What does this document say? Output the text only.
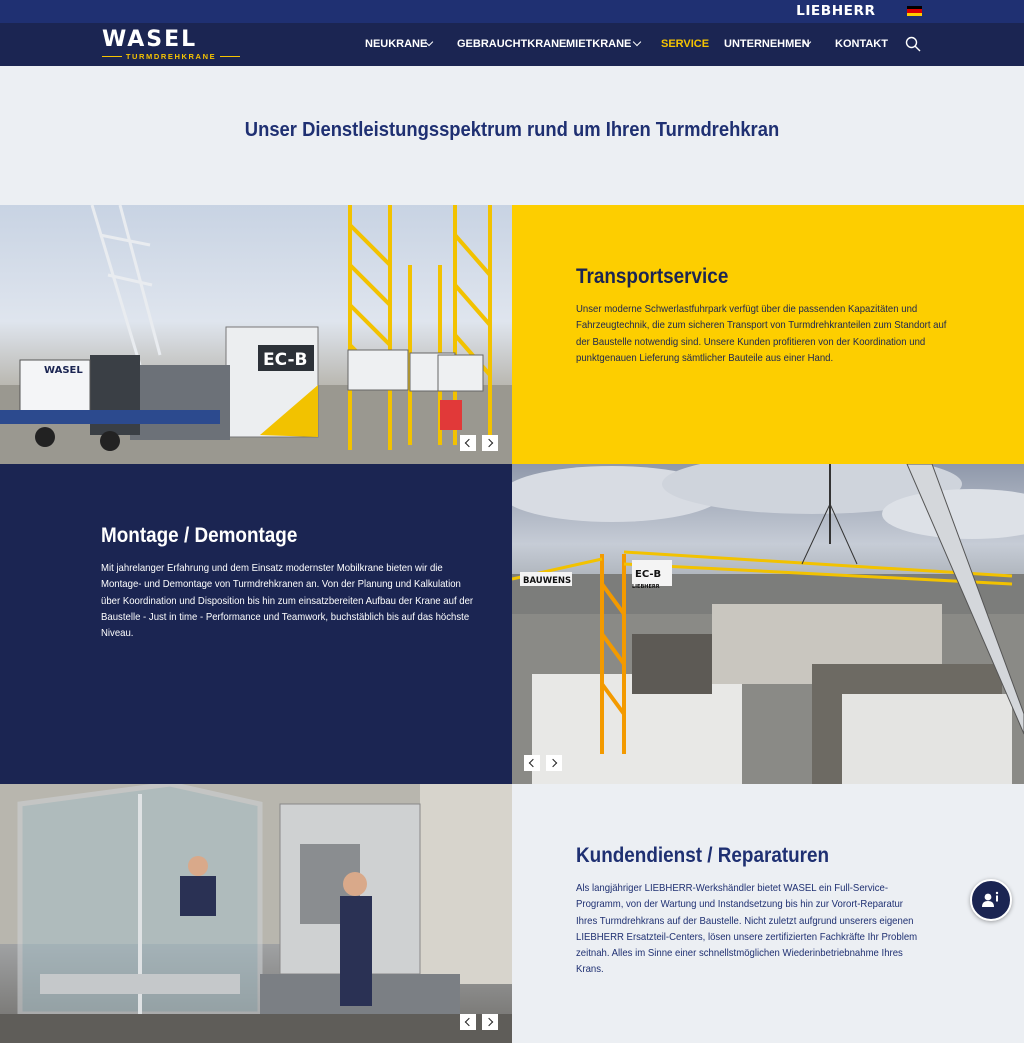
LIEBHERR
WASEL
TURMDREHKRANE
NEUKRANE	GEBRAUCHTKRANE MIETKRANE	SERVICE UNTERNEHMEN KONTAKT
Unser Dienstleistungsspektrum rund um Ihren Turmdrehkran
EC-B
WASEL
Transportservice

Unser moderne Schwerlastfuhrpark verfügt über die passenden Kapazitäten und Fahrzeugtechnik, die zum sicheren Transport von Turmdrehkranteilen zum Standort auf der Baustelle notwendig sind. Unsere Kunden profitieren von der Koordination und punktgenauen Lieferung sämtlicher Bauteile aus einer Hand.

Montage / Demontage

Mit jahrelanger Erfahrung und dem Einsatz modernster Mobilkrane bieten wir die Montage- und Demontage von Turmdrehkranen an. Von der Planung und Kalkulation über Koordination und Disposition bis hin zum einsatzbereiten Aufbau der Krane auf der Baustelle - Just in time - Performance und Teamwork, buchstäblich bis auf das höchste Niveau.

EC-B
LIEBHERR
BAUWENS
Kundendienst / Reparaturen

Als langjähriger LIEBHERR-Werkshändler bietet WASEL ein Full-Service-Programm, von der Wartung und Instandsetzung bis hin zur Vorort-Reparatur Ihres Turmdrehkrans auf der Baustelle. Nicht zuletzt aufgrund unserers eigenen LIEBHERR Ersatzteil-Centers, lösen unsere zertifizierten Fachkräfte Ihr Problem zeitnah. Alles im Sinne einer schnellstmöglichen Wiederinbetriebnahme Ihres Krans.
